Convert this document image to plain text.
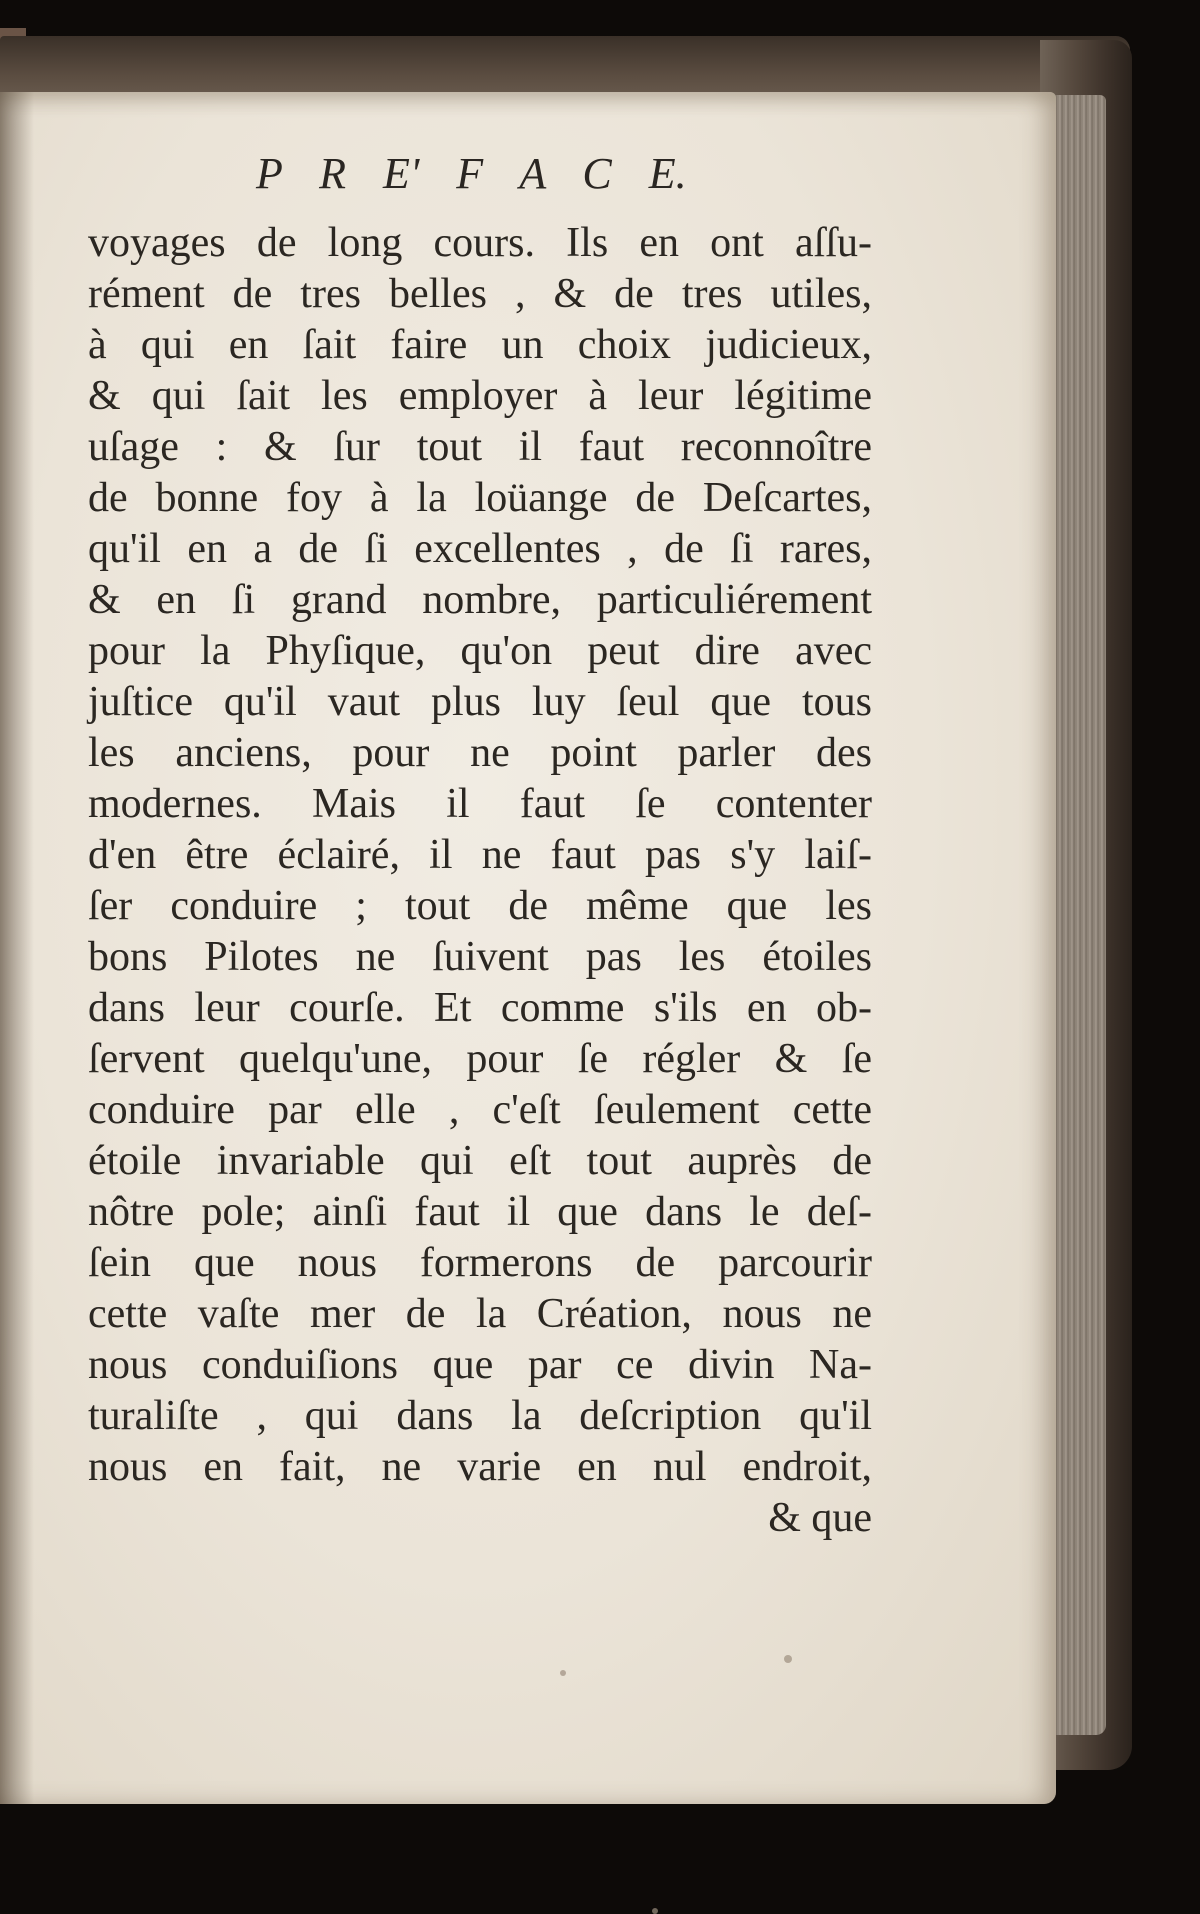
P R E' F A C E.
voyages de long cours. Ils en ont aſſu-
rément de tres belles , & de tres utiles,
à qui en ſait faire un choix judicieux,
& qui ſait les employer à leur légitime
uſage : & ſur tout il faut reconnoître
de bonne foy à la loüange de Deſcartes,
qu'il en a de ſi excellentes , de ſi rares,
& en ſi grand nombre, particuliérement
pour la Phyſique, qu'on peut dire avec
juſtice qu'il vaut plus luy ſeul que tous
les anciens, pour ne point parler des
modernes. Mais il faut ſe contenter
d'en être éclairé, il ne faut pas s'y laiſ-
ſer conduire ; tout de même que les
bons Pilotes ne ſuivent pas les étoiles
dans leur courſe. Et comme s'ils en ob-
ſervent quelqu'une, pour ſe régler & ſe
conduire par elle , c'eſt ſeulement cette
étoile invariable qui eſt tout auprès de
nôtre pole; ainſi faut il que dans le deſ-
ſein que nous formerons de parcourir
cette vaſte mer de la Création, nous ne
nous conduiſions que par ce divin Na-
turaliſte , qui dans la deſcription qu'il
nous en fait, ne varie en nul endroit,
& que
